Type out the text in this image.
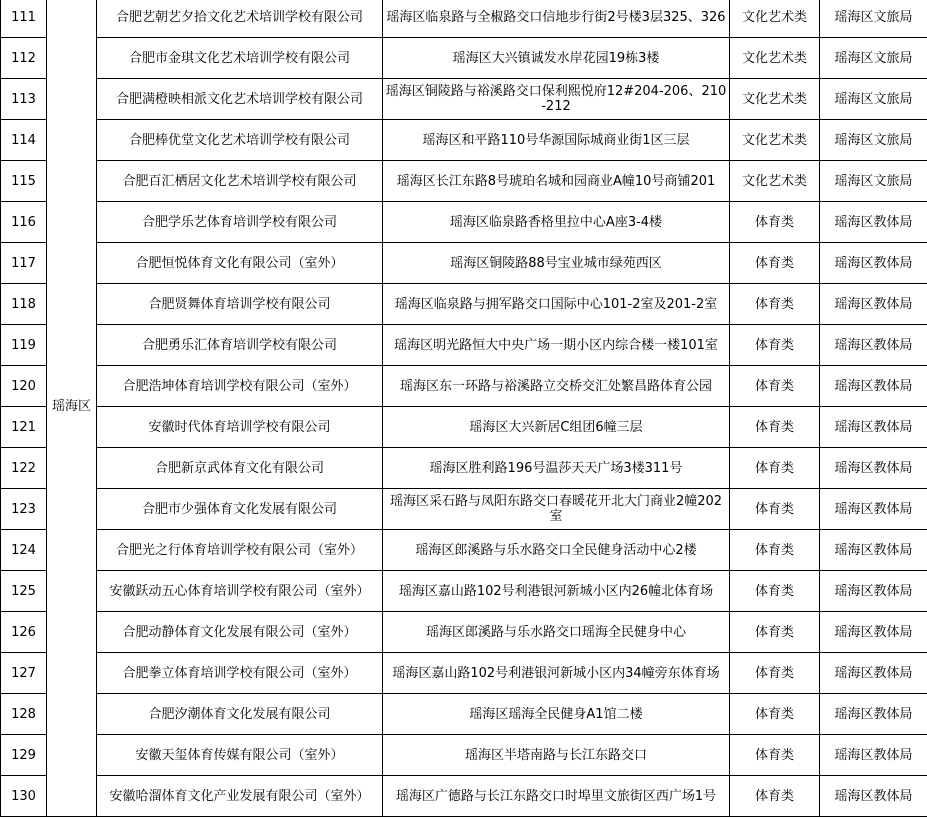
111	瑶海区	合肥艺朝艺夕拾文化艺术培训学校有限公司	瑶海区临泉路与全椒路交口信地步行街2号楼3层325、326	文化艺术类	瑶海区文旅局
112		合肥市金琪文化艺术培训学校有限公司	瑶海区大兴镇诚发水岸花园19栋3楼	文化艺术类	瑶海区文旅局
113		合肥满橙映相派文化艺术培训学校有限公司	瑶海区铜陵路与裕溪路交口保利熙悦府12#204-206、210-212	文化艺术类	瑶海区文旅局
114		合肥棒优堂文化艺术培训学校有限公司	瑶海区和平路110号华源国际城商业街1区三层	文化艺术类	瑶海区文旅局
115		合肥百汇栖居文化艺术培训学校有限公司	瑶海区长江东路8号琥珀名城和园商业A幢10号商铺201	文化艺术类	瑶海区文旅局
116		合肥学乐艺体育培训学校有限公司	瑶海区临泉路香格里拉中心A座3-4楼	体育类	瑶海区教体局
117		合肥恒悦体育文化有限公司（室外）	瑶海区铜陵路88号宝业城市绿苑西区	体育类	瑶海区教体局
118		合肥贤舞体育培训学校有限公司	瑶海区临泉路与拥军路交口国际中心101-2室及201-2室	体育类	瑶海区教体局
119		合肥勇乐汇体育培训学校有限公司	瑶海区明光路恒大中央广场一期小区内综合楼一楼101室	体育类	瑶海区教体局
120		合肥浩坤体育培训学校有限公司（室外）	瑶海区东一环路与裕溪路立交桥交汇处繁昌路体育公园	体育类	瑶海区教体局
121		安徽时代体育培训学校有限公司	瑶海区大兴新居C组团6幢三层	体育类	瑶海区教体局
122		合肥新京武体育文化有限公司	瑶海区胜利路196号温莎天天广场3楼311号	体育类	瑶海区教体局
123		合肥市少强体育文化发展有限公司	瑶海区采石路与凤阳东路交口春暖花开北大门商业2幢202室	体育类	瑶海区教体局
124		合肥光之行体育培训学校有限公司（室外）	瑶海区郎溪路与乐水路交口全民健身活动中心2楼	体育类	瑶海区教体局
125		安徽跃动五心体育培训学校有限公司（室外）	瑶海区嘉山路102号利港银河新城小区内26幢北体育场	体育类	瑶海区教体局
126		合肥动静体育文化发展有限公司（室外）	瑶海区郎溪路与乐水路交口瑶海全民健身中心	体育类	瑶海区教体局
127		合肥拳立体育培训学校有限公司（室外）	瑶海区嘉山路102号利港银河新城小区内34幢旁东体育场	体育类	瑶海区教体局
128		合肥汐潮体育文化发展有限公司	瑶海区瑶海全民健身A1馆二楼	体育类	瑶海区教体局
129		安徽天玺体育传媒有限公司（室外）	瑶海区半塔南路与长江东路交口	体育类	瑶海区教体局
130		安徽哈溜体育文化产业发展有限公司（室外）	瑶海区广德路与长江东路交口时埠里文旅街区西广场1号	体育类	瑶海区教体局
